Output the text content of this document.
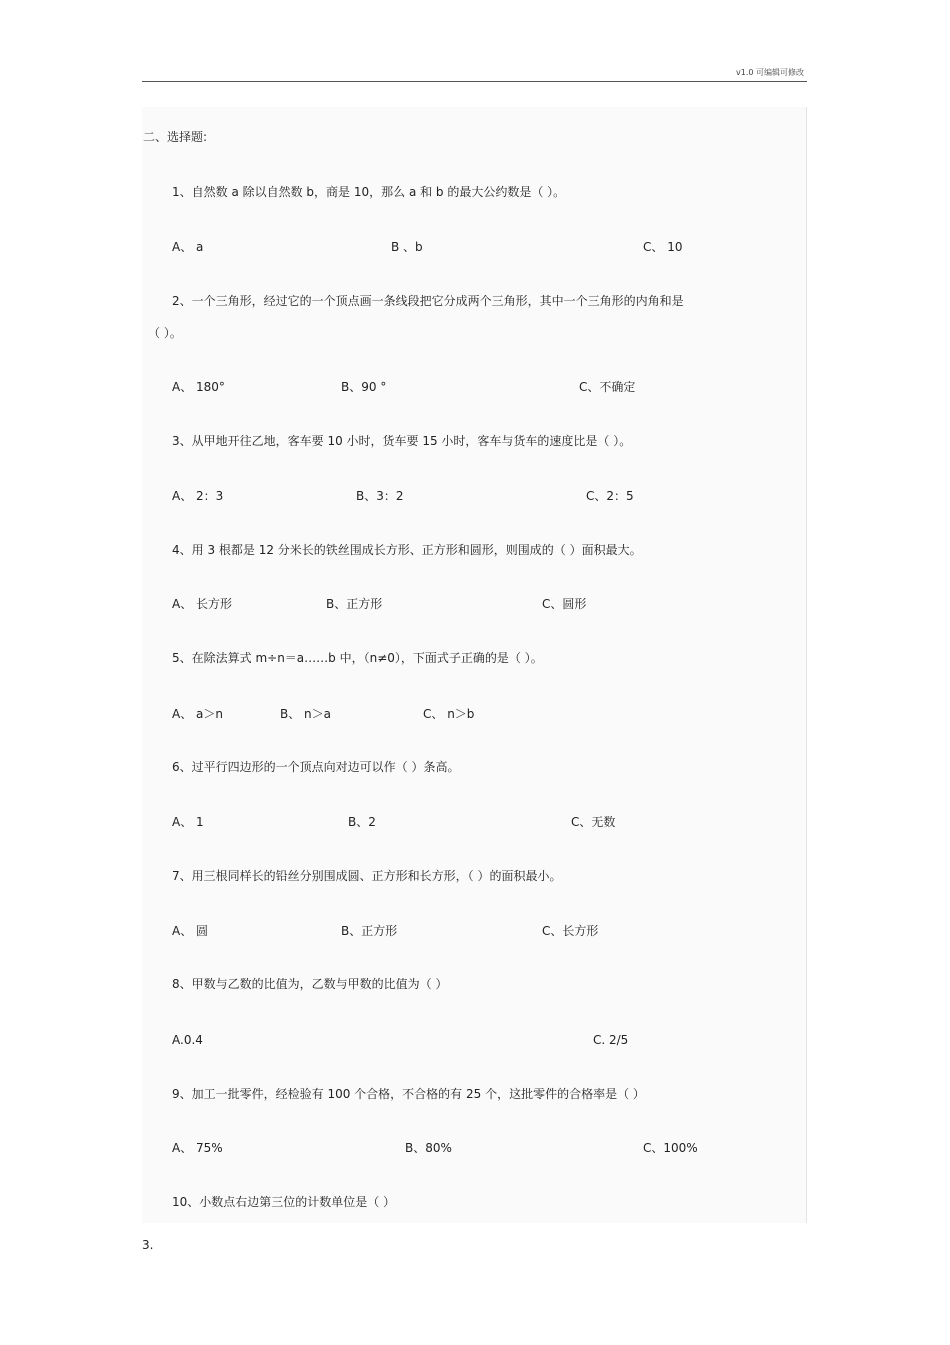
v1.0 可编辑可修改
二、选择题:
1、自然数 a 除以自然数 b，商是 10，那么 a 和 b 的最大公约数是（ ）。
A、 a	B 、b	C、 10
2、一个三角形，经过它的一个顶点画一条线段把它分成两个三角形，其中一个三角形的内角和是
（ ）。
A、 180°	B、90 °	C、不确定
3、从甲地开往乙地，客车要 10 小时，货车要 15 小时，客车与货车的速度比是（ ）。
A、 2：3	B、3：2	C、2：5
4、用 3 根都是 12 分米长的铁丝围成长方形、正方形和圆形，则围成的（ ）面积最大。
A、 长方形	B、正方形	C、圆形
5、在除法算式 m÷n＝a……b 中，（n≠0），下面式子正确的是（ ）。
A、 a＞n	B、 n＞a	C、 n＞b
6、过平行四边形的一个顶点向对边可以作（ ）条高。
A、 1	B、2	C、无数
7、用三根同样长的铅丝分别围成圆、正方形和长方形，（ ）的面积最小。
A、 圆	B、正方形	C、长方形
8、甲数与乙数的比值为，乙数与甲数的比值为（ ）
A.0.4	C. 2/5
9、加工一批零件，经检验有 100 个合格，不合格的有 25 个，这批零件的合格率是（ ）
A、 75%	B、80%	C、100%
10、小数点右边第三位的计数单位是（ ）
3.
